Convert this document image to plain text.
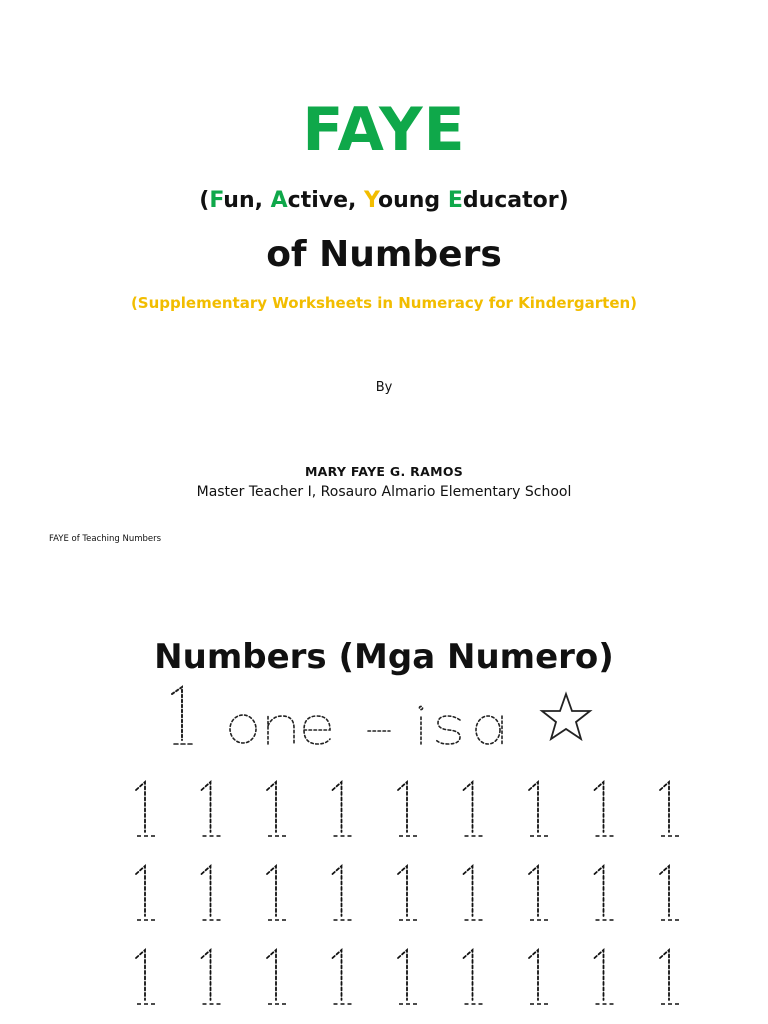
FAYE
(Fun, Active, Young Educator)
of Numbers
(Supplementary Worksheets in Numeracy for Kindergarten)
By
MARY FAYE G. RAMOS
Master Teacher I, Rosauro Almario Elementary School
FAYE of Teaching Numbers
Numbers (Mga Numero)
